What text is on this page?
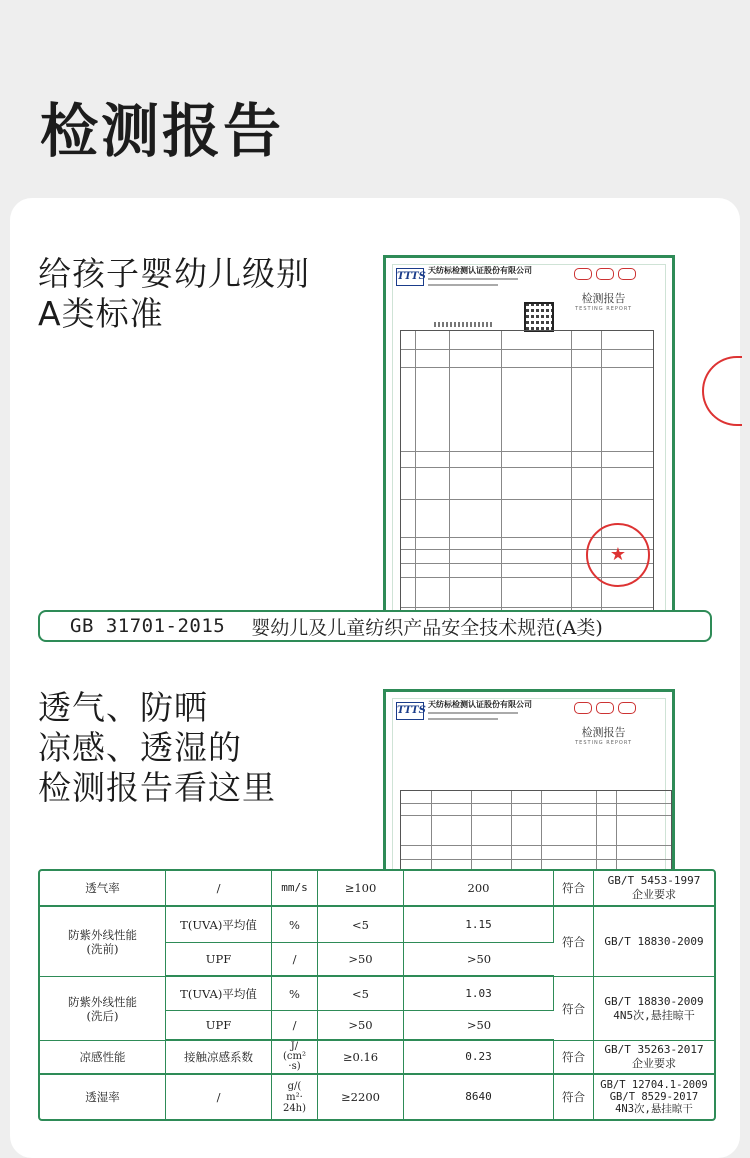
检测报告
给孩子婴幼儿级别
A类标准
TTTS
天纺标检测认证股份有限公司
检测报告
TESTING REPORT
★
GB 31701-2015 婴幼儿及儿童纺织产品安全技术规范(A类)
透气、防晒
凉感、透湿的
检测报告看这里
TTTS
天纺标检测认证股份有限公司
检测报告
TESTING REPORT
透气率	/	mm/s	≥100	200	符合	GB/T 5453-1997
企业要求
防紫外线性能
(洗前)	T(UVA)平均值	%	<5	1.15	符合	GB/T 18830-2009
	UPF	/	>50	>50		
防紫外线性能
(洗后)	T(UVA)平均值	%	<5	1.03	符合	GB/T 18830-2009
4N5次,悬挂晾干
	UPF	/	>50	>50		
凉感性能	接触凉感系数	J/
(cm²
·s)	≥0.16	0.23	符合	GB/T 35263-2017
企业要求
透湿率	/	g/(
m²·
24h)	≥2200	8640	符合	GB/T 12704.1-2009
GB/T 8529-2017
4N3次,悬挂晾干
